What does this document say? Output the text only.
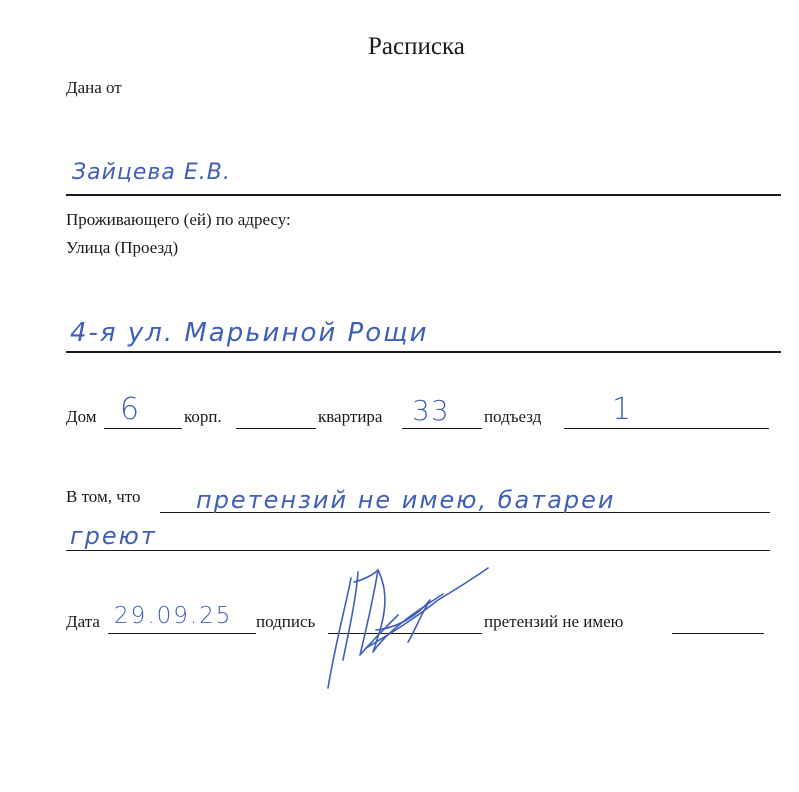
Расписка
Дана от
Зайцева Е.В.
Проживающего (ей) по адресу:
Улица (Проезд)
4-я ул. Марьиной Рощи
Дом 6	корп.	квартира 33 подъезд 1
В том, что претензий не имею, батареи
греют
Дата 29.09.25 подпись	претензий не имею
